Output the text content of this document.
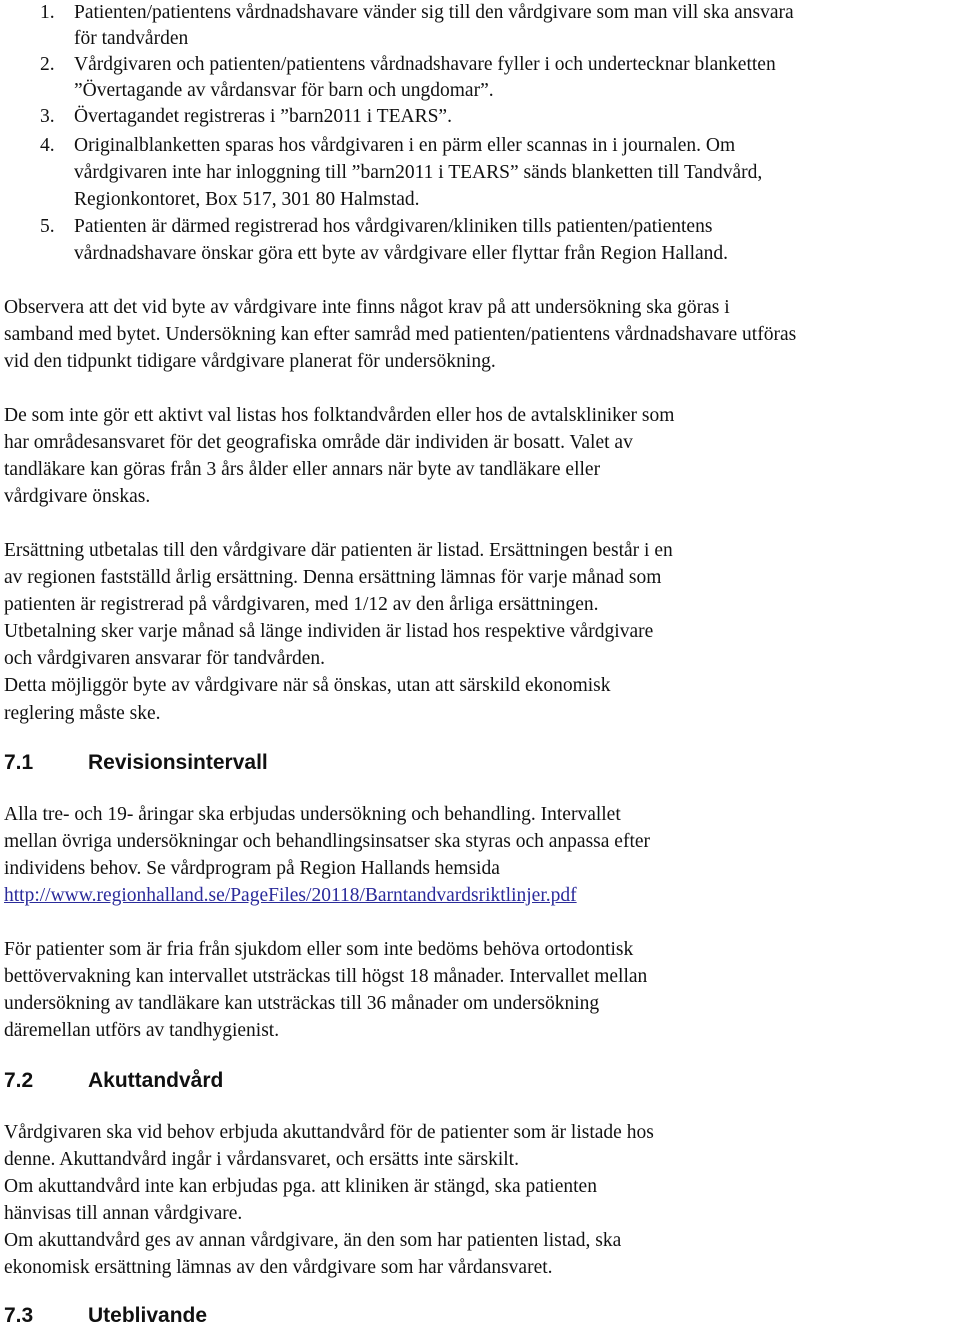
1. Patienten/patientens vårdnadshavare vänder sig till den vårdgivare som man vill ska ansvara
för tandvården
2. Vårdgivaren och patienten/patientens vårdnadshavare fyller i och undertecknar blanketten
”Övertagande av vårdansvar för barn och ungdomar”.
3. Övertagandet registreras i ”barn2011 i TEARS”.
4. Originalblanketten sparas hos vårdgivaren i en pärm eller scannas in i journalen. Om
vårdgivaren inte har inloggning till ”barn2011 i TEARS” sänds blanketten till Tandvård,
Regionkontoret, Box 517, 301 80 Halmstad.
5. Patienten är därmed registrerad hos vårdgivaren/kliniken tills patienten/patientens
vårdnadshavare önskar göra ett byte av vårdgivare eller flyttar från Region Halland.
Observera att det vid byte av vårdgivare inte finns något krav på att undersökning ska göras i
samband med bytet. Undersökning kan efter samråd med patienten/patientens vårdnadshavare utföras
vid den tidpunkt tidigare vårdgivare planerat för undersökning.
De som inte gör ett aktivt val listas hos folktandvården eller hos de avtalskliniker som
har områdesansvaret för det geografiska område där individen är bosatt. Valet av
tandläkare kan göras från 3 års ålder eller annars när byte av tandläkare eller
vårdgivare önskas.
Ersättning utbetalas till den vårdgivare där patienten är listad. Ersättningen består i en
av regionen fastställd årlig ersättning. Denna ersättning lämnas för varje månad som
patienten är registrerad på vårdgivaren, med 1/12 av den årliga ersättningen.
Utbetalning sker varje månad så länge individen är listad hos respektive vårdgivare
och vårdgivaren ansvarar för tandvården.
Detta möjliggör byte av vårdgivare när så önskas, utan att särskild ekonomisk
reglering måste ske.
7.1	Revisionsintervall
Alla tre- och 19- åringar ska erbjudas undersökning och behandling. Intervallet
mellan övriga undersökningar och behandlingsinsatser ska styras och anpassa efter
individens behov. Se vårdprogram på Region Hallands hemsida
http://www.regionhalland.se/PageFiles/20118/Barntandvardsriktlinjer.pdf
För patienter som är fria från sjukdom eller som inte bedöms behöva ortodontisk
bettövervakning kan intervallet utsträckas till högst 18 månader. Intervallet mellan
undersökning av tandläkare kan utsträckas till 36 månader om undersökning
däremellan utförs av tandhygienist.
7.2	Akuttandvård
Vårdgivaren ska vid behov erbjuda akuttandvård för de patienter som är listade hos
denne. Akuttandvård ingår i vårdansvaret, och ersätts inte särskilt.
Om akuttandvård inte kan erbjudas pga. att kliniken är stängd, ska patienten
hänvisas till annan vårdgivare.
Om akuttandvård ges av annan vårdgivare, än den som har patienten listad, ska
ekonomisk ersättning lämnas av den vårdgivare som har vårdansvaret.
7.3	Uteblivande
